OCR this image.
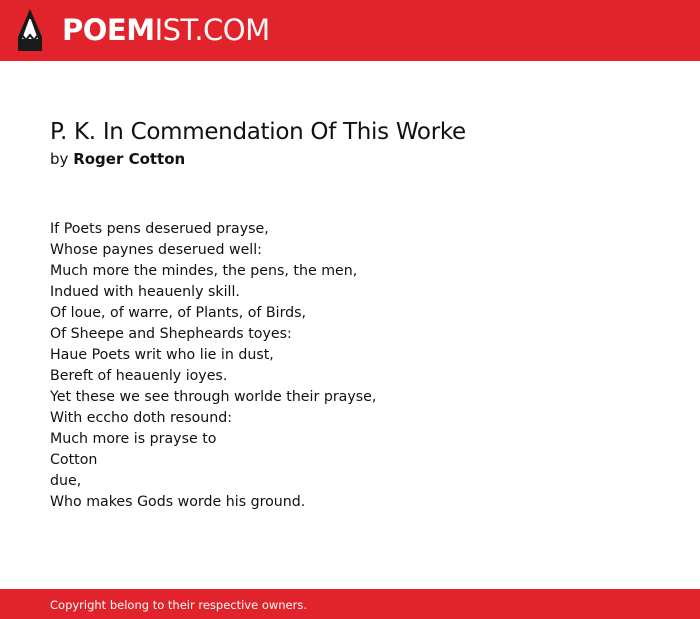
POEMIST.COM
P. K. In Commendation Of This Worke
by Roger Cotton
If Poets pens deserued prayse,
Whose paynes deserued well:
Much more the mindes, the pens, the men,
Indued with heauenly skill.
Of loue, of warre, of Plants, of Birds,
Of Sheepe and Shepheards toyes:
Haue Poets writ who lie in dust,
Bereft of heauenly ioyes.
Yet these we see through worlde their prayse,
With eccho doth resound:
Much more is prayse to
Cotton
due,
Who makes Gods worde his ground.
Copyright belong to their respective owners.
